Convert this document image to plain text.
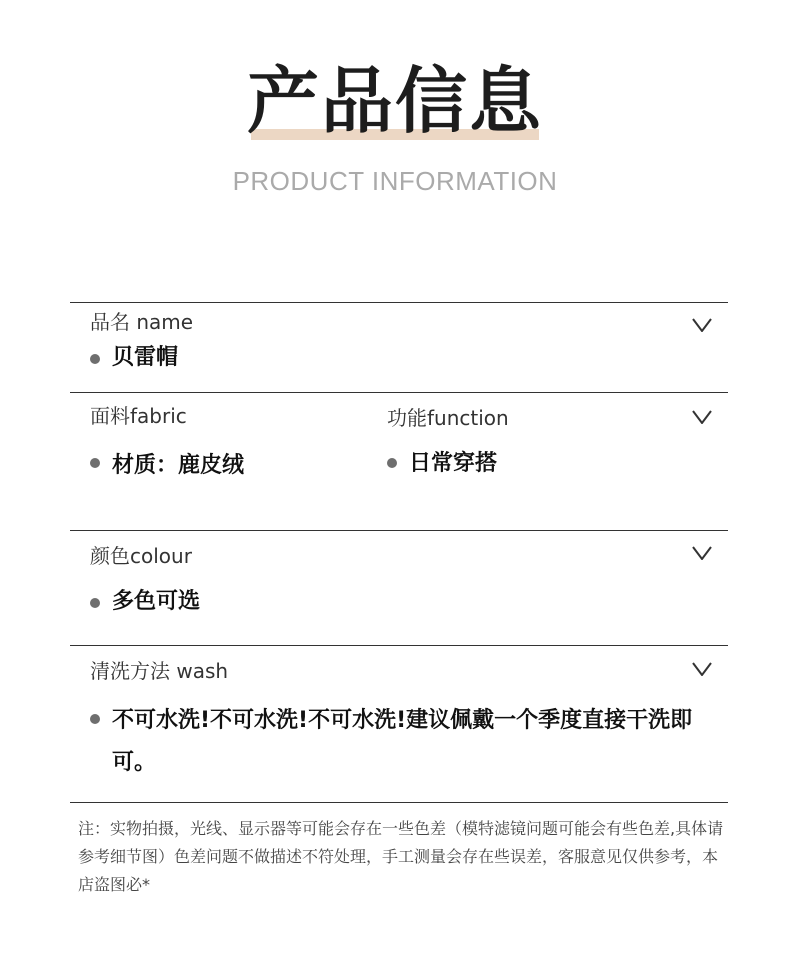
产品信息
PRODUCT INFORMATION
品名 name
贝雷帽
面料fabric	功能function
材质：鹿皮绒	日常穿搭
颜色colour
多色可选
清洗方法 wash
不可水洗!不可水洗!不可水洗!建议佩戴一个季度直接干洗即可。
注：实物拍摄，光线、显示器等可能会存在一些色差（模特滤镜问题可能会有些色差,具体请参考细节图）色差问题不做描述不符处理，手工测量会存在些误差，客服意见仅供参考，本店盗图必*
